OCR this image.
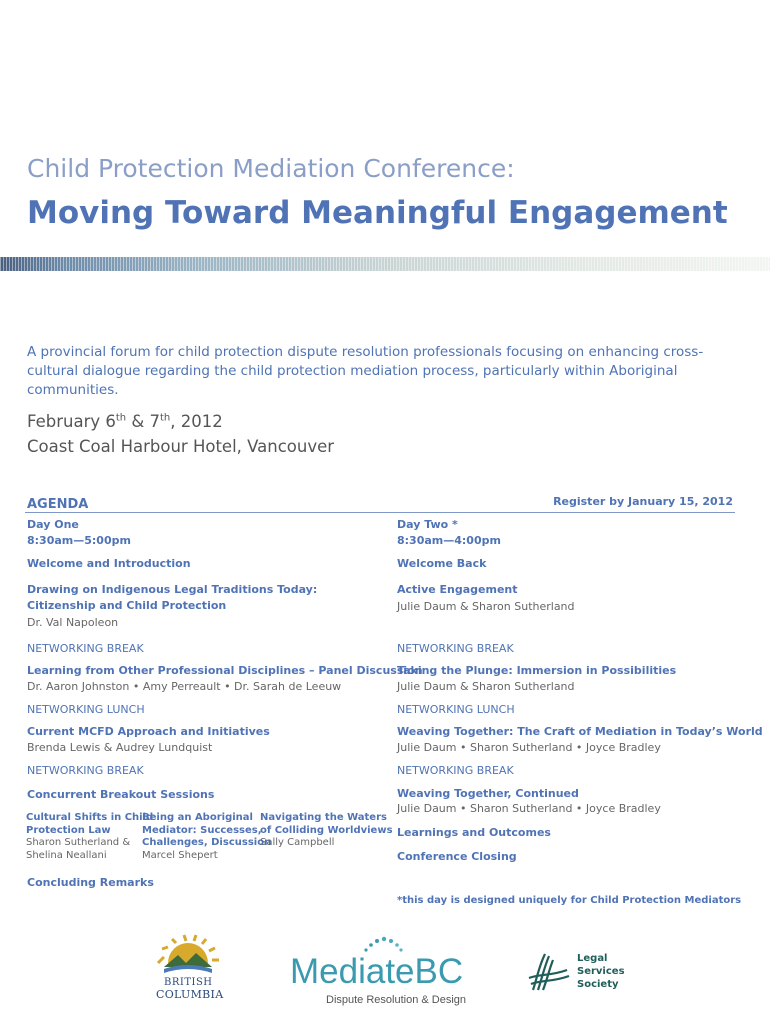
Child Protection Mediation Conference:
Moving Toward Meaningful Engagement
A provincial forum for child protection dispute resolution professionals focusing on enhancing cross-cultural dialogue regarding the child protection mediation process, particularly within Aboriginal communities.
February 6th & 7th, 2012
Coast Coal Harbour Hotel, Vancouver
AGENDA	Register by January 15, 2012
Day One
8:30am—5:00pm
Welcome and Introduction
Drawing on Indigenous Legal Traditions Today:
Citizenship and Child Protection
Dr. Val Napoleon
NETWORKING BREAK
Learning from Other Professional Disciplines – Panel Discussion
Dr. Aaron Johnston • Amy Perreault • Dr. Sarah de Leeuw
NETWORKING LUNCH
Current MCFD Approach and Initiatives
Brenda Lewis & Audrey Lundquist
NETWORKING BREAK
Concurrent Breakout Sessions
Cultural Shifts in Child
Protection Law
Sharon Sutherland &
Shelina Neallani
Being an Aboriginal
Mediator: Successes,
Challenges, Discussion
Marcel Shepert
Navigating the Waters
of Colliding Worldviews
Sally Campbell
Concluding Remarks
Day Two *
8:30am—4:00pm
Welcome Back
Active Engagement
Julie Daum & Sharon Sutherland
NETWORKING BREAK
Taking the Plunge: Immersion in Possibilities
Julie Daum & Sharon Sutherland
NETWORKING LUNCH
Weaving Together: The Craft of Mediation in Today’s World
Julie Daum • Sharon Sutherland • Joyce Bradley
NETWORKING BREAK
Weaving Together, Continued
Julie Daum • Sharon Sutherland • Joyce Bradley
Learnings and Outcomes
Conference Closing
*this day is designed uniquely for Child Protection Mediators
BRITISH
COLUMBIA
MediateBC
Dispute Resolution & Design
Legal
Services
Society
